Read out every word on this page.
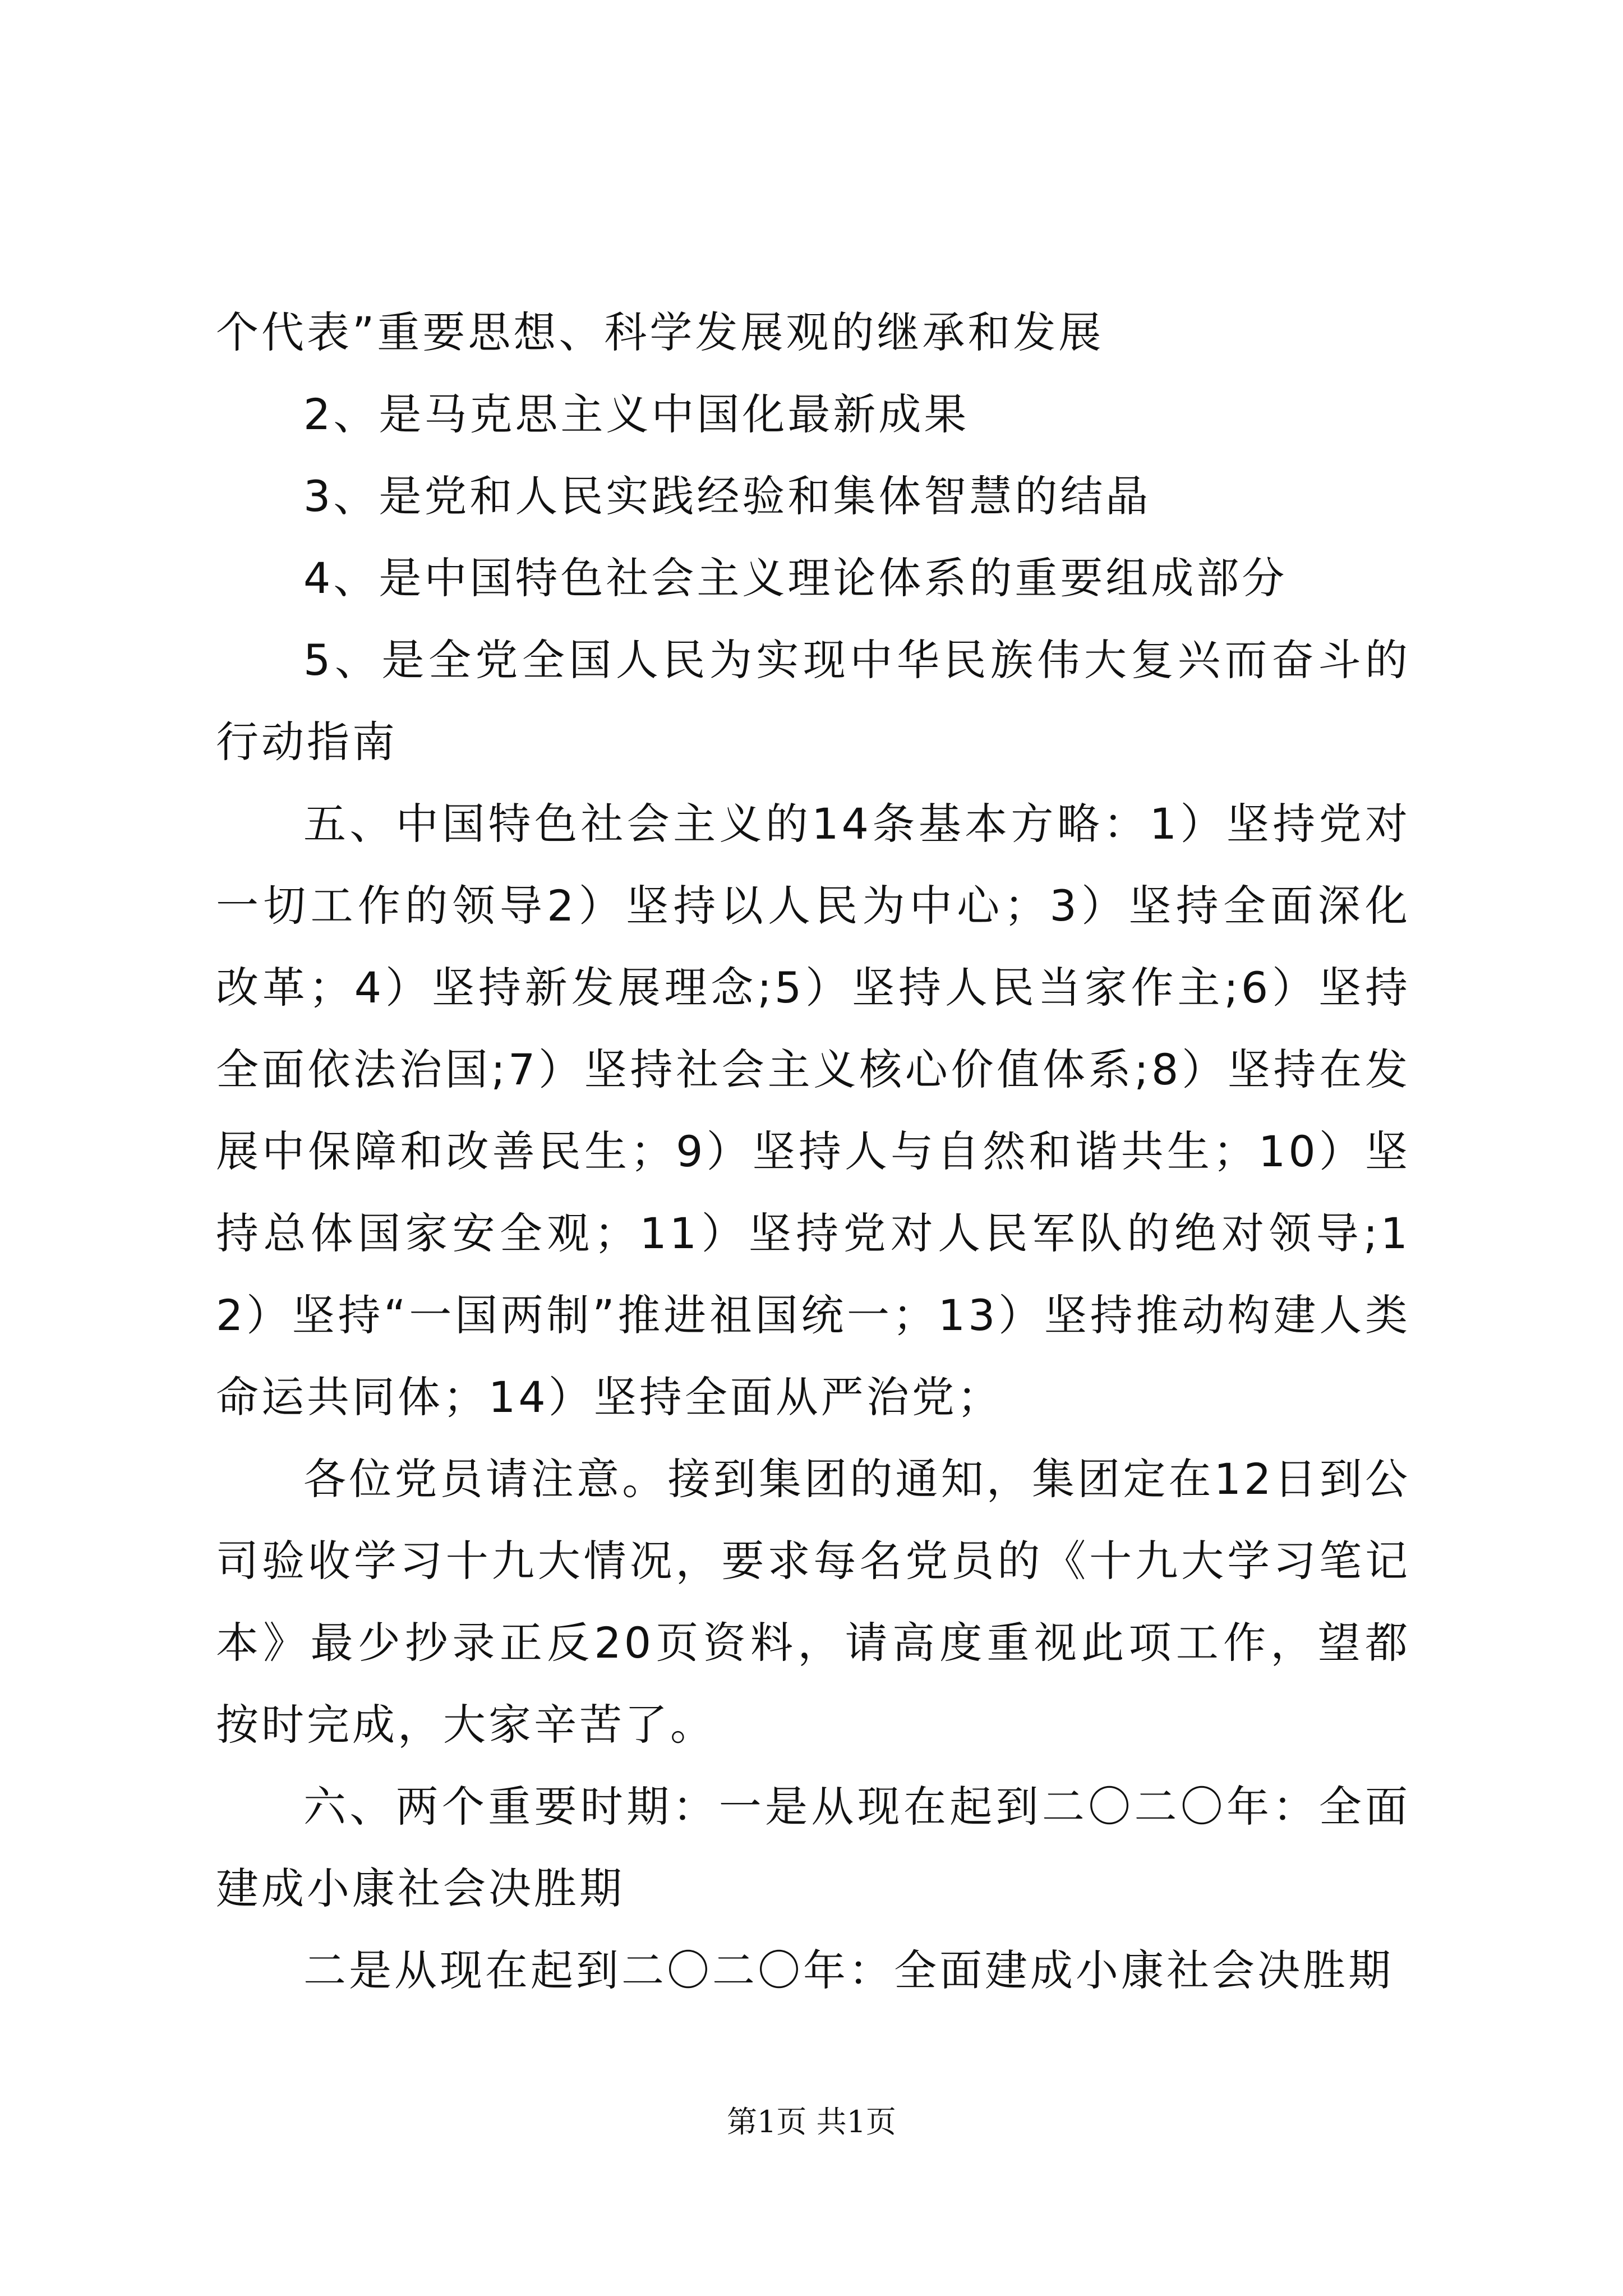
个代表”重要思想、科学发展观的继承和发展

2、是马克思主义中国化最新成果

3、是党和人民实践经验和集体智慧的结晶

4、是中国特色社会主义理论体系的重要组成部分

5、是全党全国人民为实现中华民族伟大复兴而奋斗的行动指南

五、中国特色社会主义的14条基本方略：1）坚持党对一切工作的领导2）坚持以人民为中心；3）坚持全面深化改革；4）坚持新发展理念;5）坚持人民当家作主;6）坚持全面依法治国;7）坚持社会主义核心价值体系;8）坚持在发展中保障和改善民生；9）坚持人与自然和谐共生；10）坚持总体国家安全观；11）坚持党对人民军队的绝对领导;12）坚持“一国两制”推进祖国统一；13）坚持推动构建人类命运共同体；14）坚持全面从严治党；

各位党员请注意。接到集团的通知，集团定在12日到公司验收学习十九大情况，要求每名党员的《十九大学习笔记本》最少抄录正反20页资料，请高度重视此项工作，望都按时完成，大家辛苦了。

六、两个重要时期：一是从现在起到二〇二〇年：全面建成小康社会决胜期

二是从现在起到二〇二〇年：全面建成小康社会决胜期

第1页 共1页
